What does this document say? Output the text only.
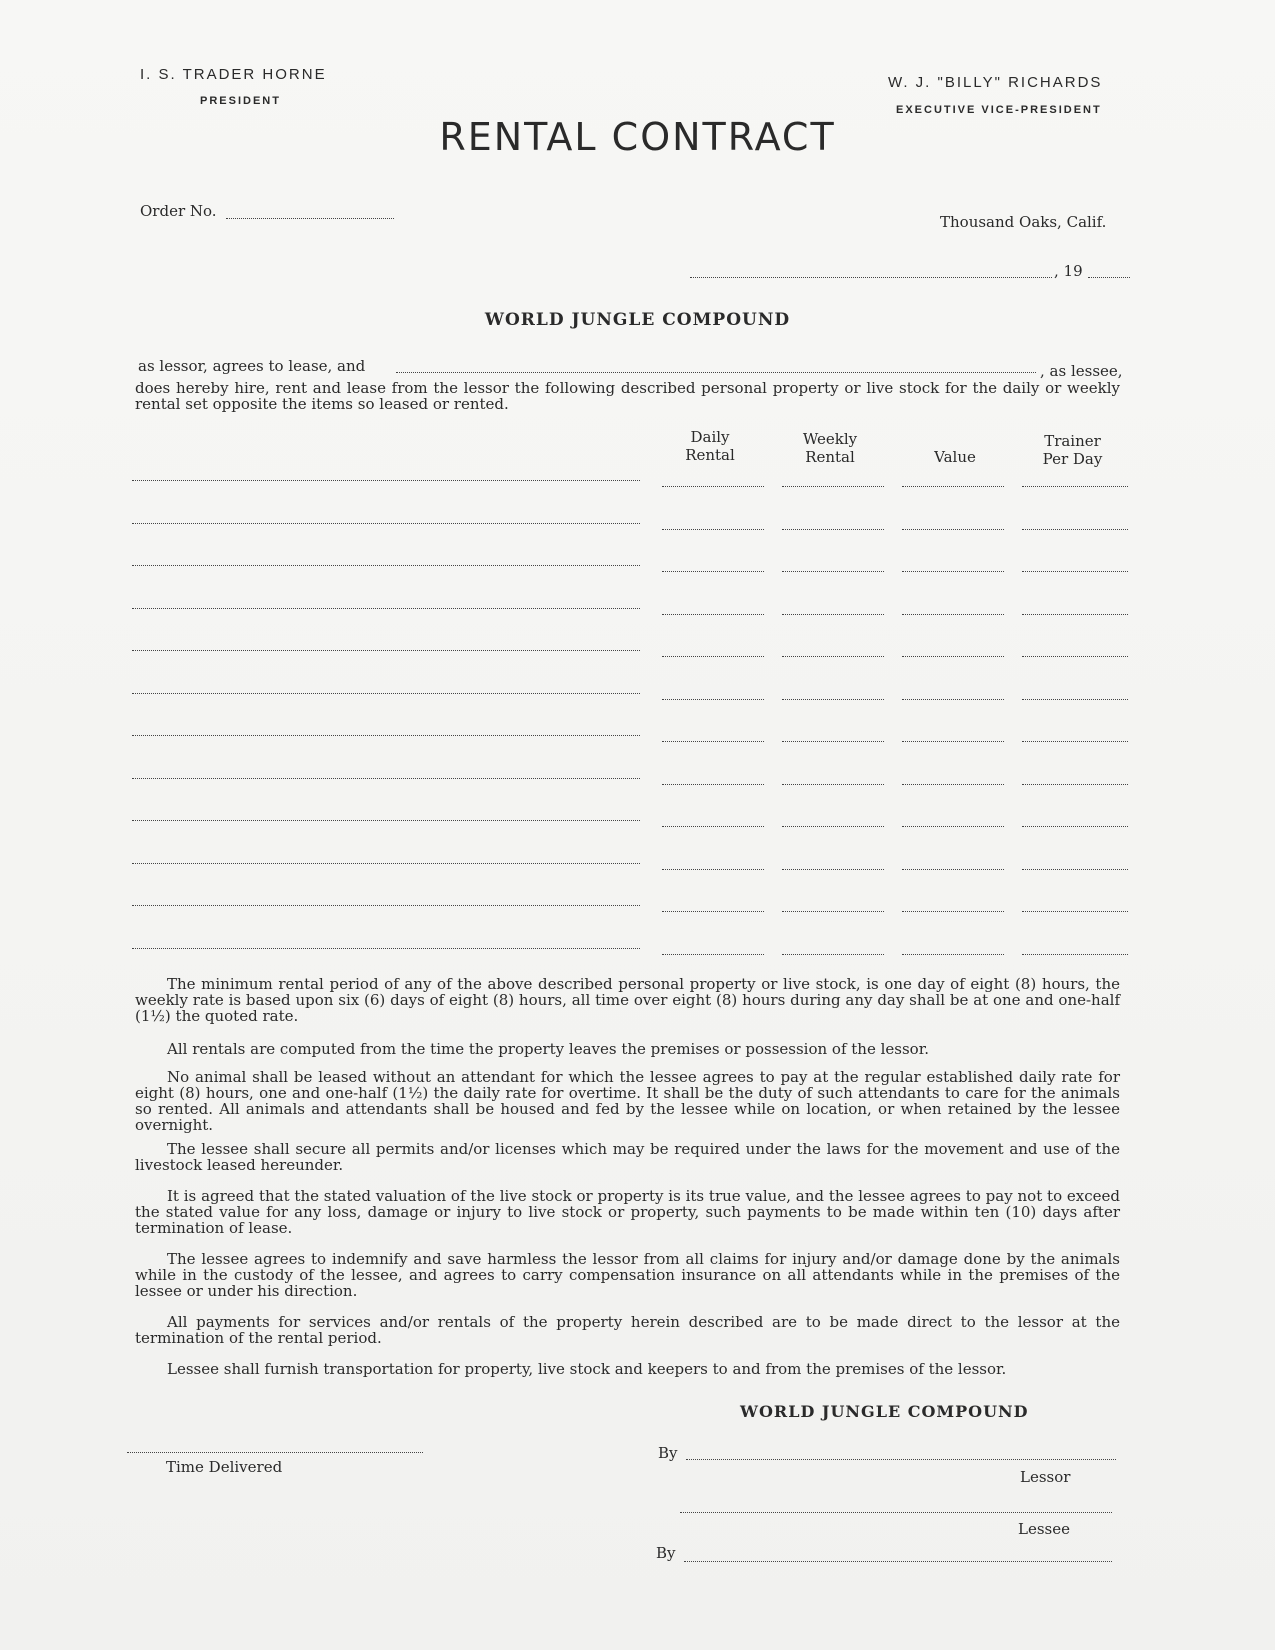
I. S. TRADER HORNE
PRESIDENT
W. J. "BILLY" RICHARDS
EXECUTIVE VICE-PRESIDENT
RENTAL CONTRACT
Order No.
Thousand Oaks, Calif.
, 19
WORLD JUNGLE COMPOUND
as lessor, agrees to lease, and	, as lessee,
does hereby hire, rent and lease from the lessor the following described personal property or live stock for the daily or weekly rental set opposite the items so leased or rented.
Daily
Rental
Weekly
Rental	Value
Trainer
Per Day
The minimum rental period of any of the above described personal property or live stock, is one day of eight (8) hours, the weekly rate is based upon six (6) days of eight (8) hours, all time over eight (8) hours during any day shall be at one and one-half (1½) the quoted rate.
All rentals are computed from the time the property leaves the premises or possession of the lessor.
No animal shall be leased without an attendant for which the lessee agrees to pay at the regular established daily rate for eight (8) hours, one and one-half (1½) the daily rate for overtime. It shall be the duty of such attendants to care for the animals so rented. All animals and attendants shall be housed and fed by the lessee while on location, or when retained by the lessee overnight.
The lessee shall secure all permits and/or licenses which may be required under the laws for the movement and use of the livestock leased hereunder.
It is agreed that the stated valuation of the live stock or property is its true value, and the lessee agrees to pay not to exceed the stated value for any loss, damage or injury to live stock or property, such payments to be made within ten (10) days after termination of lease.
The lessee agrees to indemnify and save harmless the lessor from all claims for injury and/or damage done by the animals while in the custody of the lessee, and agrees to carry compensation insurance on all attendants while in the premises of the lessee or under his direction.
All payments for services and/or rentals of the property herein described are to be made direct to the lessor at the termination of the rental period.
Lessee shall furnish transportation for property, live stock and keepers to and from the premises of the lessor.
WORLD JUNGLE COMPOUND
Time Delivered
By
Lessor
Lessee
By
